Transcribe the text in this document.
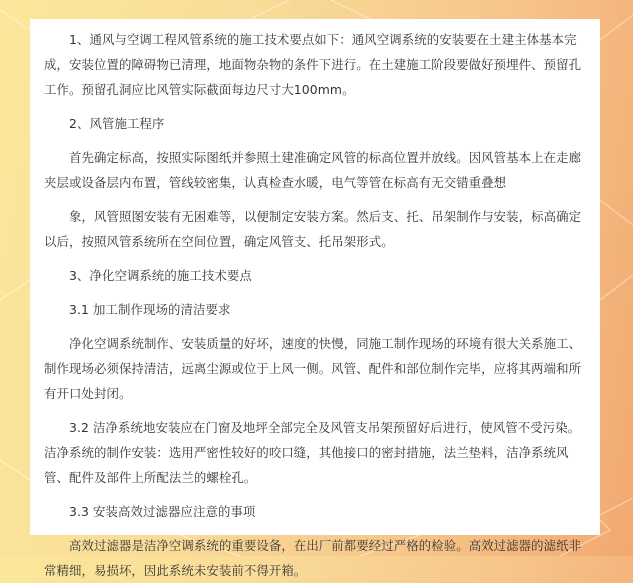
1、通风与空调工程风管系统的施工技术要点如下：通风空调系统的安装要在土建主体基本完成，安装位置的障碍物已清理，地面物杂物的条件下进行。在土建施工阶段要做好预埋件、预留孔工作。预留孔洞应比风管实际截面每边尺寸大100mm。

2、风管施工程序

首先确定标高，按照实际图纸并参照土建准确定风管的标高位置并放线。因风管基本上在走廊夹层或设备层内布置，管线较密集，认真检查水暖，电气等管在标高有无交错重叠想

象，风管照图安装有无困难等，以便制定安装方案。然后支、托、吊架制作与安装，标高确定以后，按照风管系统所在空间位置，确定风管支、托吊架形式。

3、净化空调系统的施工技术要点

3.1 加工制作现场的清洁要求

净化空调系统制作、安装质量的好坏，速度的快慢，同施工制作现场的环境有很大关系施工、制作现场必须保持清洁，远离尘源或位于上风一侧。风管、配件和部位制作完毕，应将其两端和所有开口处封闭。

3.2 洁净系统地安装应在门窗及地坪全部完全及风管支吊架预留好后进行，使风管不受污染。洁净系统的制作安装：选用严密性较好的咬口缝，其他接口的密封措施，法兰垫料，洁净系统风管、配件及部件上所配法兰的螺栓孔。

3.3 安装高效过滤器应注意的事项

高效过滤器是洁净空调系统的重要设备，在出厂前都要经过严格的检验。高效过滤器的滤纸非常精细，易损坏，因此系统未安装前不得开箱。
